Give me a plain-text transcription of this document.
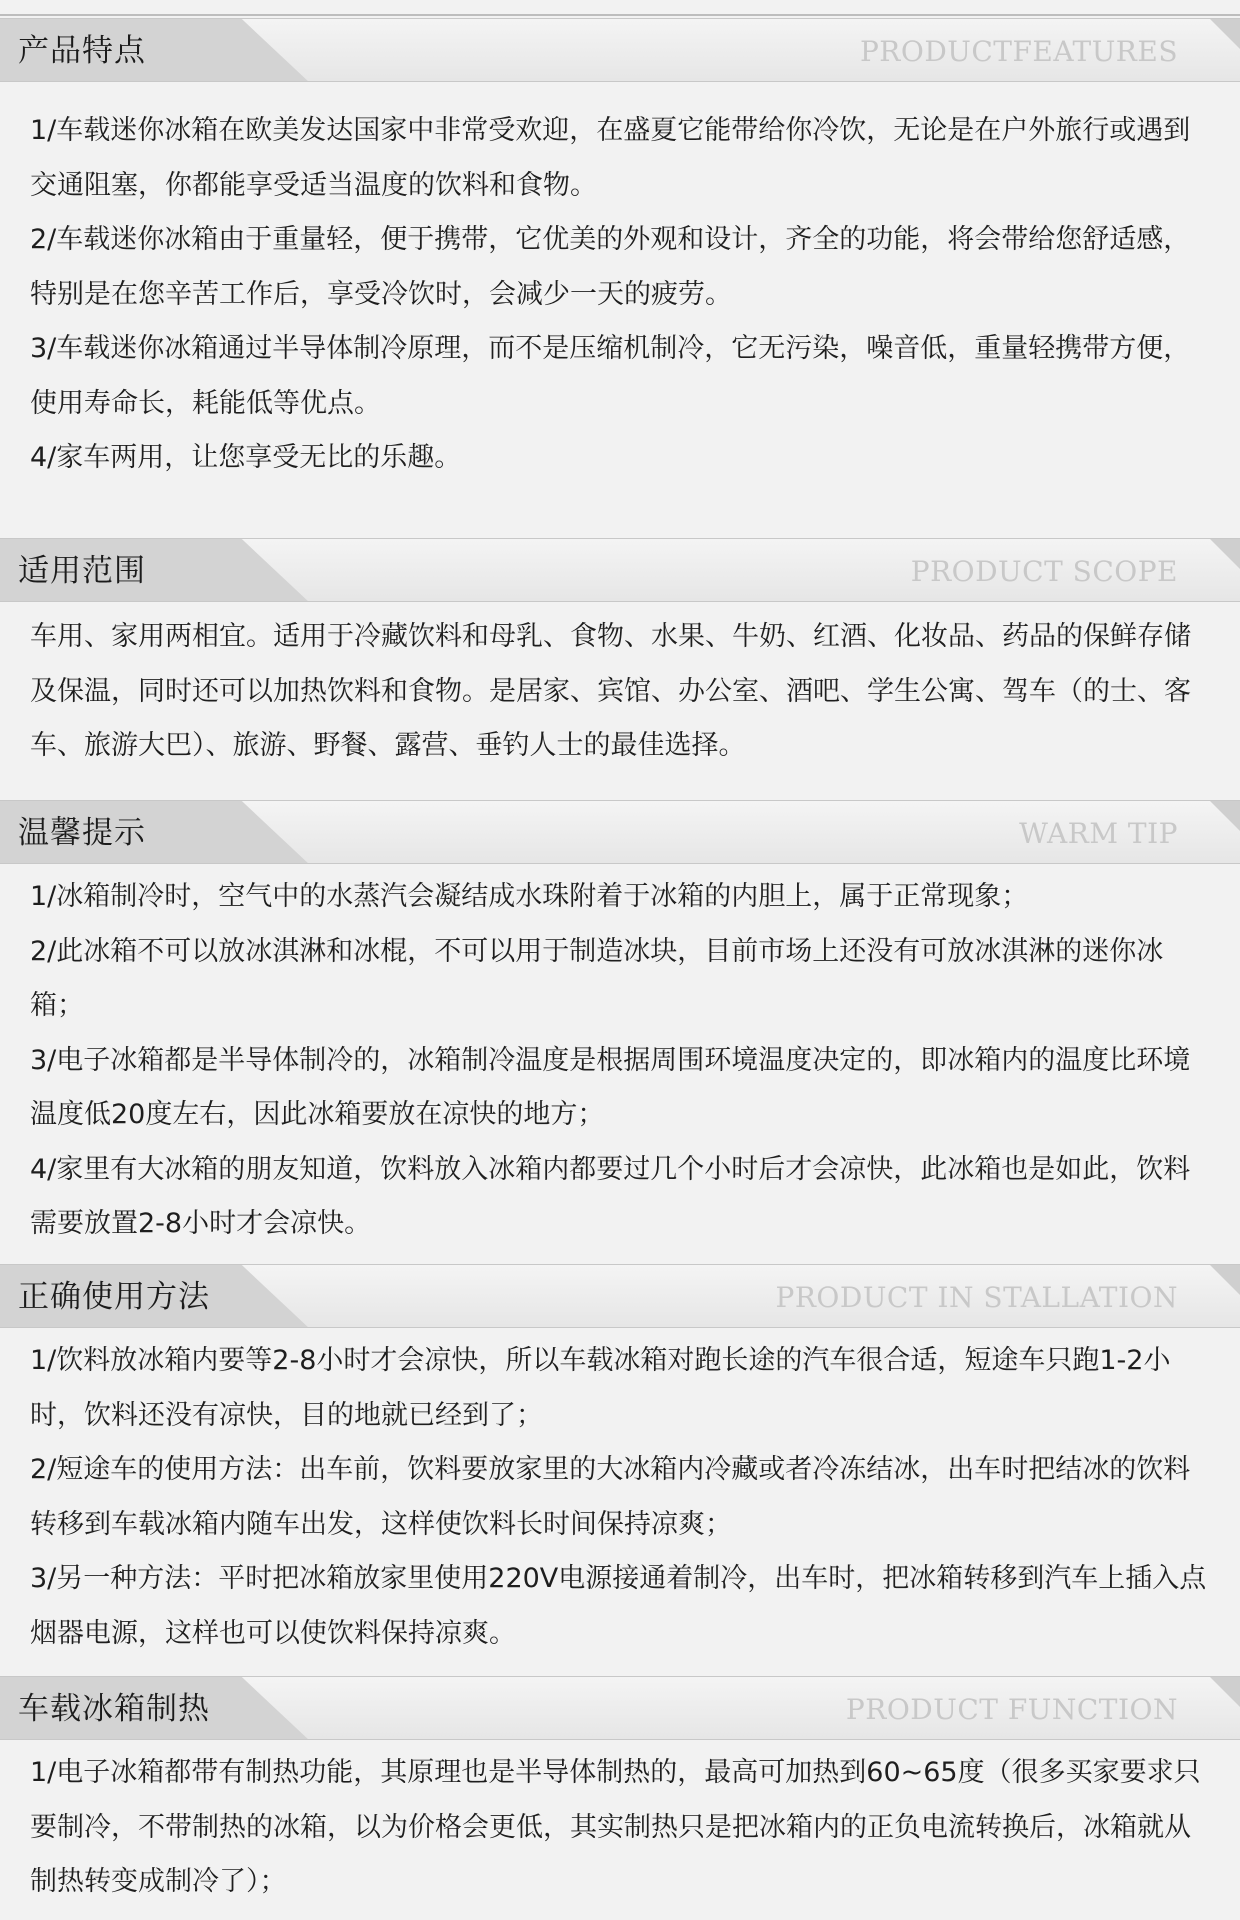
产品特点	PRODUCTFEATURES

1/车载迷你冰箱在欧美发达国家中非常受欢迎，在盛夏它能带给你冷饮，无论是在户外旅行或遇到交通阻塞，你都能享受适当温度的饮料和食物。

2/车载迷你冰箱由于重量轻，便于携带，它优美的外观和设计，齐全的功能，将会带给您舒适感，特别是在您辛苦工作后，享受冷饮时，会减少一天的疲劳。

3/车载迷你冰箱通过半导体制冷原理，而不是压缩机制冷，它无污染，噪音低，重量轻携带方便，使用寿命长，耗能低等优点。

4/家车两用，让您享受无比的乐趣。

适用范围	PRODUCT SCOPE

车用、家用两相宜。适用于冷藏饮料和母乳、食物、水果、牛奶、红酒、化妆品、药品的保鲜存储及保温，同时还可以加热饮料和食物。是居家、宾馆、办公室、酒吧、学生公寓、驾车（的士、客车、旅游大巴）、旅游、野餐、露营、垂钓人士的最佳选择。

温馨提示	WARM TIP

1/冰箱制冷时，空气中的水蒸汽会凝结成水珠附着于冰箱的内胆上，属于正常现象；

2/此冰箱不可以放冰淇淋和冰棍，不可以用于制造冰块，目前市场上还没有可放冰淇淋的迷你冰箱；

3/电子冰箱都是半导体制冷的，冰箱制冷温度是根据周围环境温度决定的，即冰箱内的温度比环境温度低20度左右，因此冰箱要放在凉快的地方；

4/家里有大冰箱的朋友知道，饮料放入冰箱内都要过几个小时后才会凉快，此冰箱也是如此，饮料需要放置2-8小时才会凉快。

正确使用方法	PRODUCT IN STALLATION

1/饮料放冰箱内要等2-8小时才会凉快，所以车载冰箱对跑长途的汽车很合适，短途车只跑1-2小时，饮料还没有凉快，目的地就已经到了；

2/短途车的使用方法：出车前，饮料要放家里的大冰箱内冷藏或者冷冻结冰，出车时把结冰的饮料转移到车载冰箱内随车出发，这样使饮料长时间保持凉爽；

3/另一种方法：平时把冰箱放家里使用220V电源接通着制冷，出车时，把冰箱转移到汽车上插入点烟器电源，这样也可以使饮料保持凉爽。

车载冰箱制热	PRODUCT FUNCTION

1/电子冰箱都带有制热功能，其原理也是半导体制热的，最高可加热到60~65度（很多买家要求只要制冷，不带制热的冰箱，以为价格会更低，其实制热只是把冰箱内的正负电流转换后，冰箱就从制热转变成制冷了）；
